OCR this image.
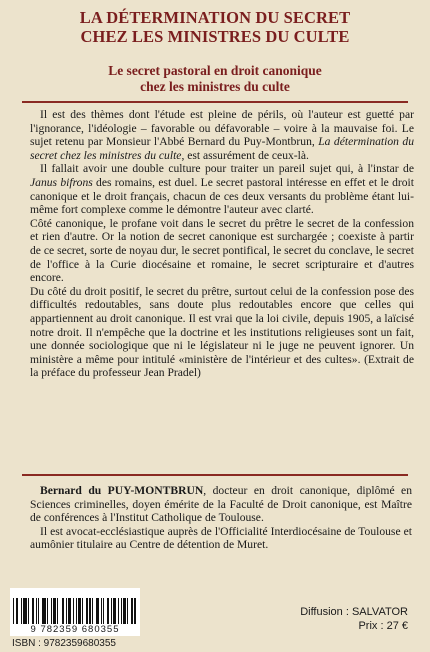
LA DÉTERMINATION DU SECRET
CHEZ LES MINISTRES DU CULTE
Le secret pastoral en droit canonique
chez les ministres du culte

Il est des thèmes dont l'étude est pleine de périls, où l'auteur est guetté par l'ignorance, l'idéologie – favorable ou défavorable – voire à la mauvaise foi. Le sujet retenu par Monsieur l'Abbé Bernard du Puy-Montbrun, La détermination du secret chez les ministres du culte, est assurément de ceux-là.

Il fallait avoir une double culture pour traiter un pareil sujet qui, à l'instar de Janus bifrons des romains, est duel. Le secret pastoral intéresse en effet et le droit canonique et le droit français, chacun de ces deux versants du problème étant lui-même fort complexe comme le démontre l'auteur avec clarté.

Côté canonique, le profane voit dans le secret du prêtre le secret de la confession et rien d'autre. Or la notion de secret canonique est surchargée ; coexiste à partir de ce secret, sorte de noyau dur, le secret pontifical, le secret du conclave, le secret de l'office à la Curie diocésaine et romaine, le secret scripturaire et d'autres encore.

Du côté du droit positif, le secret du prêtre, surtout celui de la confession pose des difficultés redoutables, sans doute plus redoutables encore que celles qui appartiennent au droit canonique. Il est vrai que la loi civile, depuis 1905, a laïcisé notre droit. Il n'empêche que la doctrine et les institutions religieuses sont un fait, une donnée sociologique que ni le législateur ni le juge ne peuvent ignorer. Un ministère a même pour intitulé «ministère de l'intérieur et des cultes». (Extrait de la préface du professeur Jean Pradel)

Bernard du PUY-MONTBRUN, docteur en droit canonique, diplômé en Sciences criminelles, doyen émérite de la Faculté de Droit canonique, est Maître de conférences à l'Institut Catholique de Toulouse.

Il est avocat-ecclésiastique auprès de l'Officialité Interdiocésaine de Toulouse et aumônier titulaire au Centre de détention de Muret.

9 782359 680355
ISBN : 9782359680355
Diffusion : SALVATOR
Prix : 27 €
